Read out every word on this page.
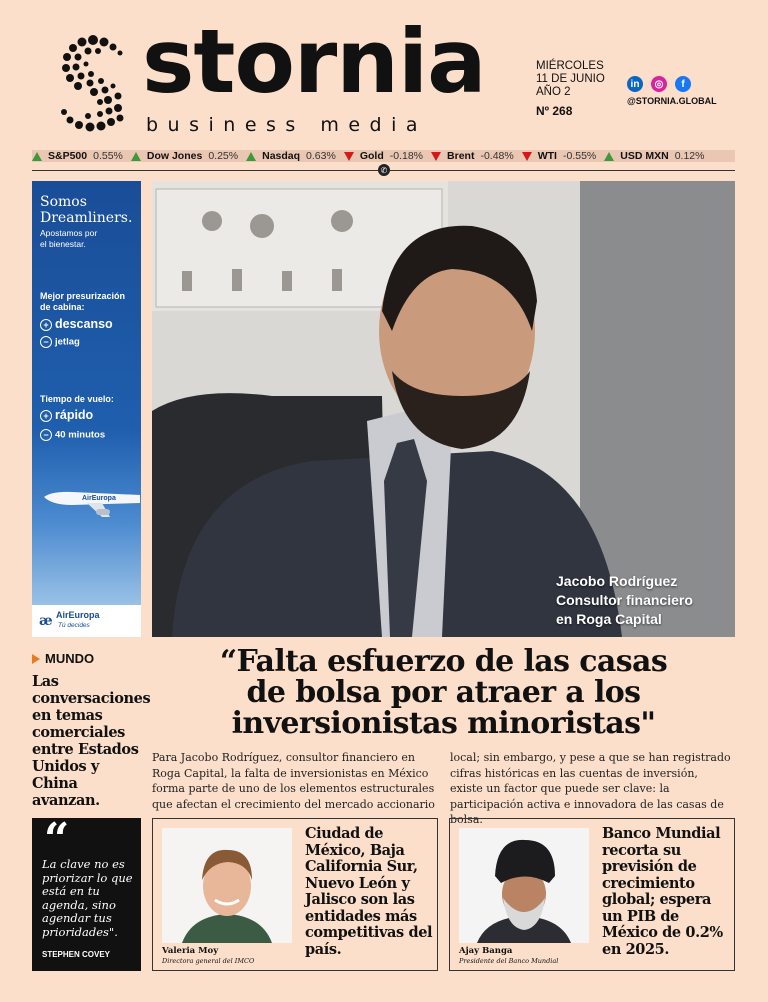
stornia
business media
MIÉRCOLES
11 DE JUNIO
AÑO 2
Nº 268
in	◎	f
@STORNIA.GLOBAL
S&P500 0.55% Dow Jones 0.25% Nasdaq 0.63% Gold -0.18% Brent -0.48% WTI -0.55% USD MXN 0.12%
✆
Somos
Dreamliners.
Apostamos por
el bienestar.
Mejor presurización
de cabina:
+ descanso
− jetlag
Tiempo de vuelo:
+ rápido
− 40 minutos
AirEuropa
æ AirEuropa
Tú decides
Jacobo Rodríguez
Consultor financiero
en Roga Capital
MUNDO
Las conversaciones en temas comerciales entre Estados Unidos y China avanzan.
“Falta esfuerzo de las casas
de bolsa por atraer a los
inversionistas minoristas"
Para Jacobo Rodríguez, consultor financiero en Roga Capital, la falta de inversionistas en México forma parte de uno de los elementos estructurales que afectan el crecimiento del mercado accionario
local; sin embargo, y pese a que se han registrado cifras históricas en las cuentas de inversión, existe un factor que puede ser clave: la participación activa e innovadora de las casas de bolsa.
“
La clave no es priorizar lo que está en tu agenda, sino agendar tus prioridades".
STEPHEN COVEY	Valeria Moy
Directora general del IMCO
Ciudad de México, Baja California Sur, Nuevo León y Jalisco son las entidades más competitivas del país.	Ajay Banga
Presidente del Banco Mundial
Banco Mundial recorta su previsión de crecimiento global; espera un PIB de México de 0.2% en 2025.
